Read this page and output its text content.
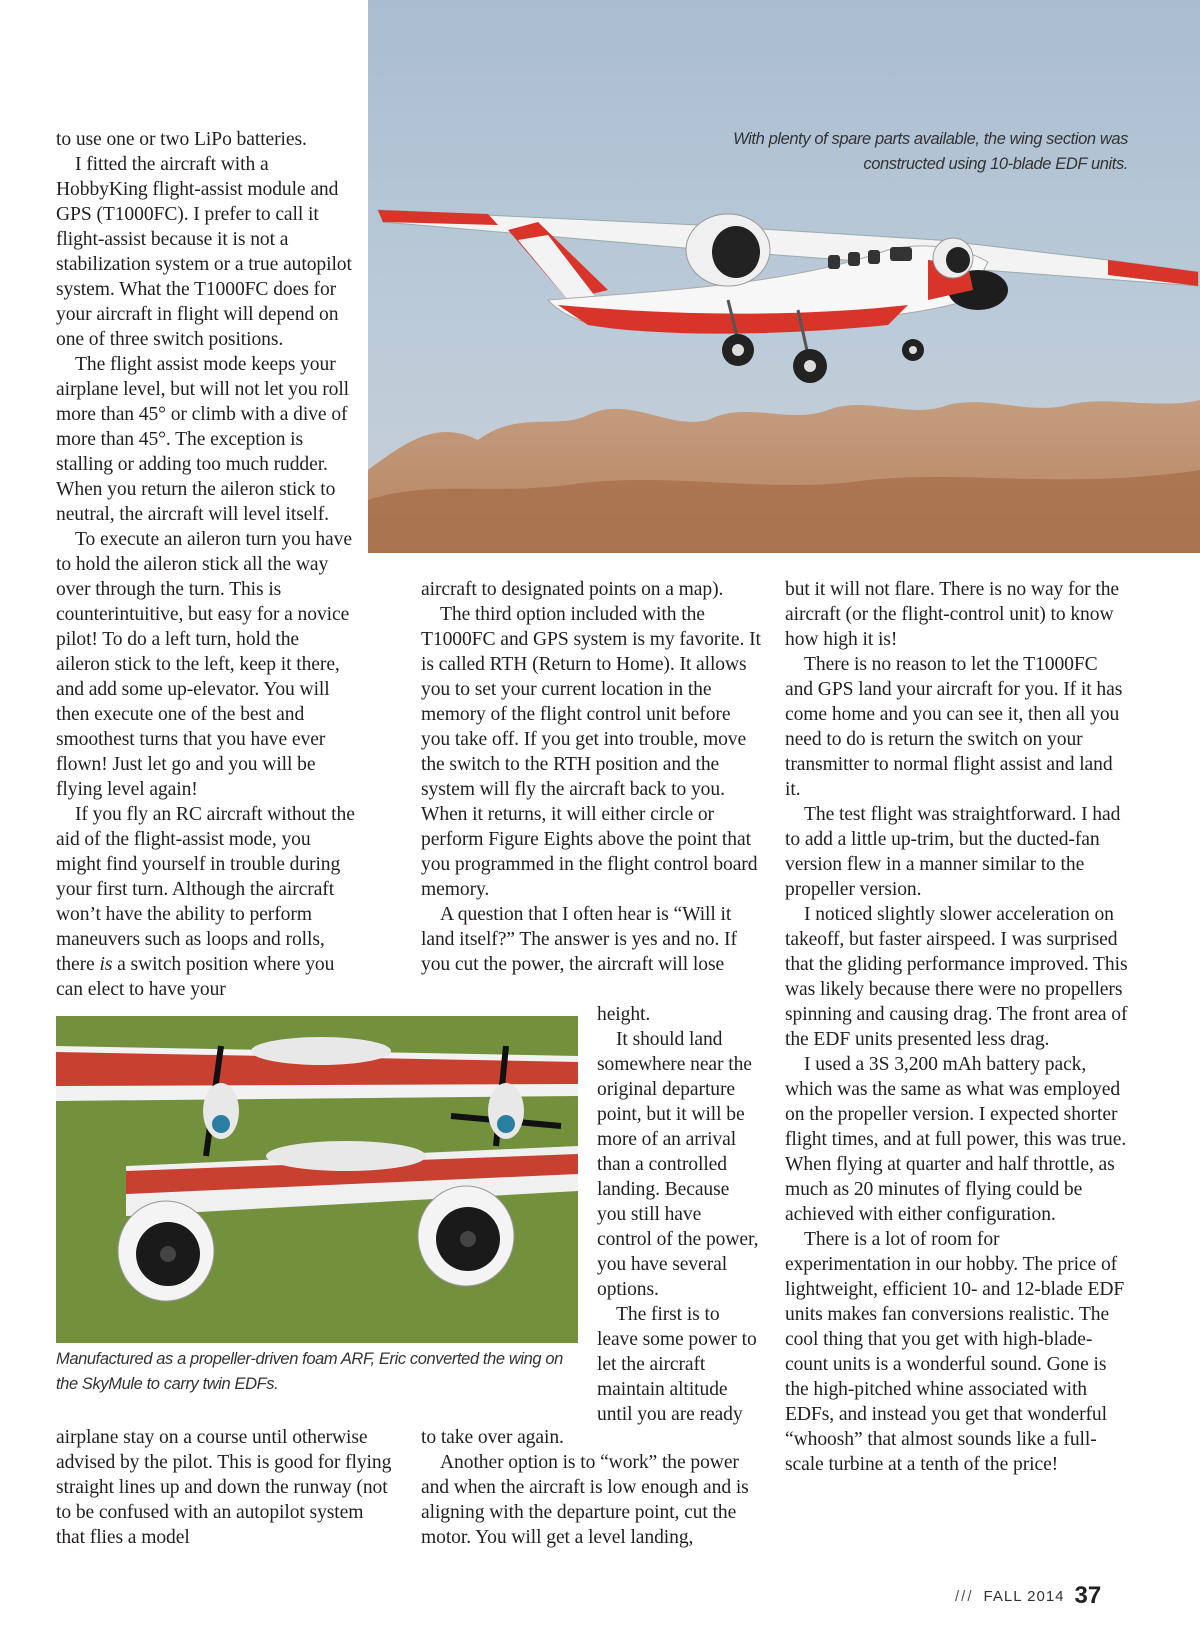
With plenty of spare parts available, the wing section was constructed using 10-blade EDF units.

to use one or two LiPo batteries.

I fitted the aircraft with a HobbyKing flight-assist module and GPS (T1000FC). I prefer to call it flight-assist because it is not a stabilization system or a true autopilot system. What the T1000FC does for your aircraft in flight will depend on one of three switch positions.

The flight assist mode keeps your airplane level, but will not let you roll more than 45° or climb with a dive of more than 45°. The exception is stalling or adding too much rudder. When you return the aileron stick to neutral, the aircraft will level itself.

To execute an aileron turn you have to hold the aileron stick all the way over through the turn. This is counterintuitive, but easy for a novice pilot! To do a left turn, hold the aileron stick to the left, keep it there, and add some up-elevator. You will then execute one of the best and smoothest turns that you have ever flown! Just let go and you will be flying level again!

If you fly an RC aircraft without the aid of the flight-assist mode, you might find yourself in trouble during your first turn. Although the aircraft won’t have the ability to perform maneuvers such as loops and rolls, there is a switch position where you can elect to have your

Manufactured as a propeller-driven foam ARF, Eric converted the wing on the SkyMule to carry twin EDFs.

airplane stay on a course until otherwise advised by the pilot. This is good for flying straight lines up and down the runway (not to be confused with an autopilot system that flies a model

aircraft to designated points on a map).

The third option included with the T1000FC and GPS system is my favorite. It is called RTH (Return to Home). It allows you to set your current location in the memory of the flight control unit before you take off. If you get into trouble, move the switch to the RTH position and the system will fly the aircraft back to you. When it returns, it will either circle or perform Figure Eights above the point that you programmed in the flight control board memory.

A question that I often hear is “Will it land itself?” The answer is yes and no. If you cut the power, the aircraft will lose

height.

It should land somewhere near the original departure point, but it will be more of an arrival than a controlled landing. Because you still have control of the power, you have several options.

The first is to leave some power to let the aircraft maintain altitude until you are ready

to take over again.

Another option is to “work” the power and when the aircraft is low enough and is aligning with the departure point, cut the motor. You will get a level landing,

but it will not flare. There is no way for the aircraft (or the flight-control unit) to know how high it is!

There is no reason to let the T1000FC and GPS land your aircraft for you. If it has come home and you can see it, then all you need to do is return the switch on your transmitter to normal flight assist and land it.

The test flight was straightforward. I had to add a little up-trim, but the ducted-fan version flew in a manner similar to the propeller version.

I noticed slightly slower acceleration on takeoff, but faster airspeed. I was surprised that the gliding performance improved. This was likely because there were no propellers spinning and causing drag. The front area of the EDF units presented less drag.

I used a 3S 3,200 mAh battery pack, which was the same as what was employed on the propeller version. I expected shorter flight times, and at full power, this was true. When flying at quarter and half throttle, as much as 20 minutes of flying could be achieved with either configuration.

There is a lot of room for experimentation in our hobby. The price of lightweight, efficient 10- and 12-blade EDF units makes fan conversions realistic. The cool thing that you get with high-blade-count units is a wonderful sound. Gone is the high-pitched whine associated with EDFs, and instead you get that wonderful “whoosh” that almost sounds like a full-scale turbine at a tenth of the price!

/// FALL 2014 37
